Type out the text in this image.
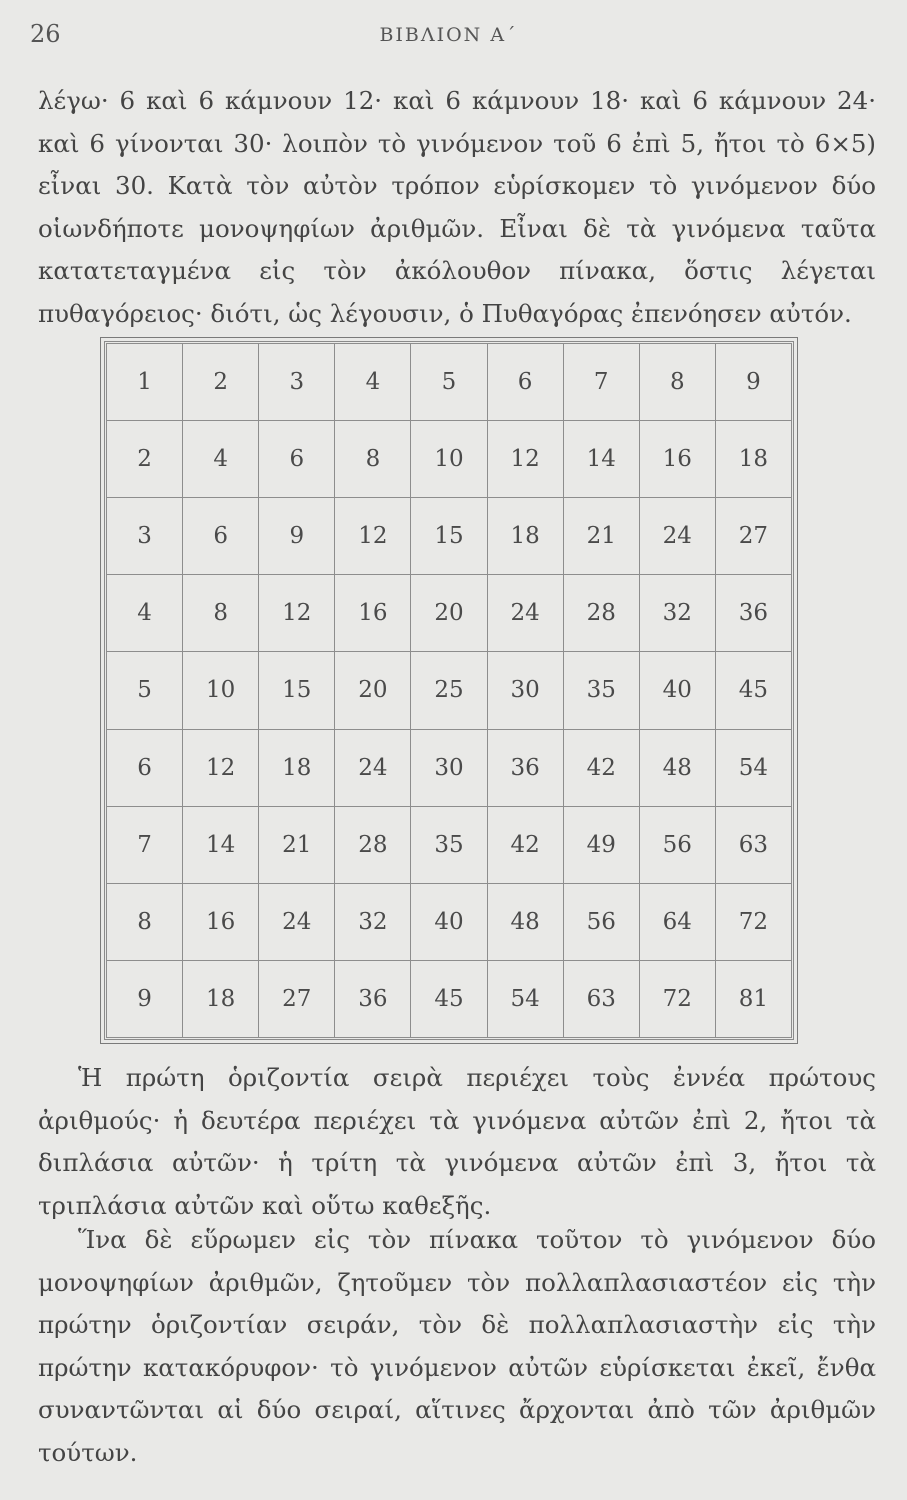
26	ΒΙΒΛΙΟΝ Α΄
λέγω· 6 καὶ 6 κάμνουν 12· καὶ 6 κάμνουν 18· καὶ 6 κάμνουν 24· καὶ 6 γίνονται 30· λοιπὸν τὸ γινόμενον τοῦ 6 ἐπὶ 5, ἤτοι τὸ 6×5) εἶναι 30. Κατὰ τὸν αὐτὸν τρόπον εὑρίσκομεν τὸ γινόμενον δύο οἱωνδήποτε μονοψηφίων ἀριθμῶν. Εἶναι δὲ τὰ γινόμενα ταῦτα κατατεταγμένα εἰς τὸν ἀκόλουθον πίνακα, ὅστις λέγεται πυθαγόρειος· διότι, ὡς λέγουσιν, ὁ Πυθαγόρας ἐπενόησεν αὐτόν.
1	2	3	4	5	6	7	8	9
2	4	6	8	10	12	14	16	18
3	6	9	12	15	18	21	24	27
4	8	12	16	20	24	28	32	36
5	10	15	20	25	30	35	40	45
6	12	18	24	30	36	42	48	54
7	14	21	28	35	42	49	56	63
8	16	24	32	40	48	56	64	72
9	18	27	36	45	54	63	72	81
Ἡ πρώτη ὁριζοντία σειρὰ περιέχει τοὺς ἐννέα πρώτους ἀριθμούς· ἡ δευτέρα περιέχει τὰ γινόμενα αὐτῶν ἐπὶ 2, ἤτοι τὰ διπλάσια αὐτῶν· ἡ τρίτη τὰ γινόμενα αὐτῶν ἐπὶ 3, ἤτοι τὰ τριπλάσια αὐτῶν καὶ οὕτω καθεξῆς.
Ἵνα δὲ εὕρωμεν εἰς τὸν πίνακα τοῦτον τὸ γινόμενον δύο μονοψηφίων ἀριθμῶν, ζητοῦμεν τὸν πολλαπλασιαστέον εἰς τὴν πρώτην ὁριζοντίαν σειράν, τὸν δὲ πολλαπλασιαστὴν εἰς τὴν πρώτην κατακόρυφον· τὸ γινόμενον αὐτῶν εὑρίσκεται ἐκεῖ, ἔνθα συναντῶνται αἱ δύο σειραί, αἵτινες ἄρχονται ἀπὸ τῶν ἀριθμῶν τούτων.
